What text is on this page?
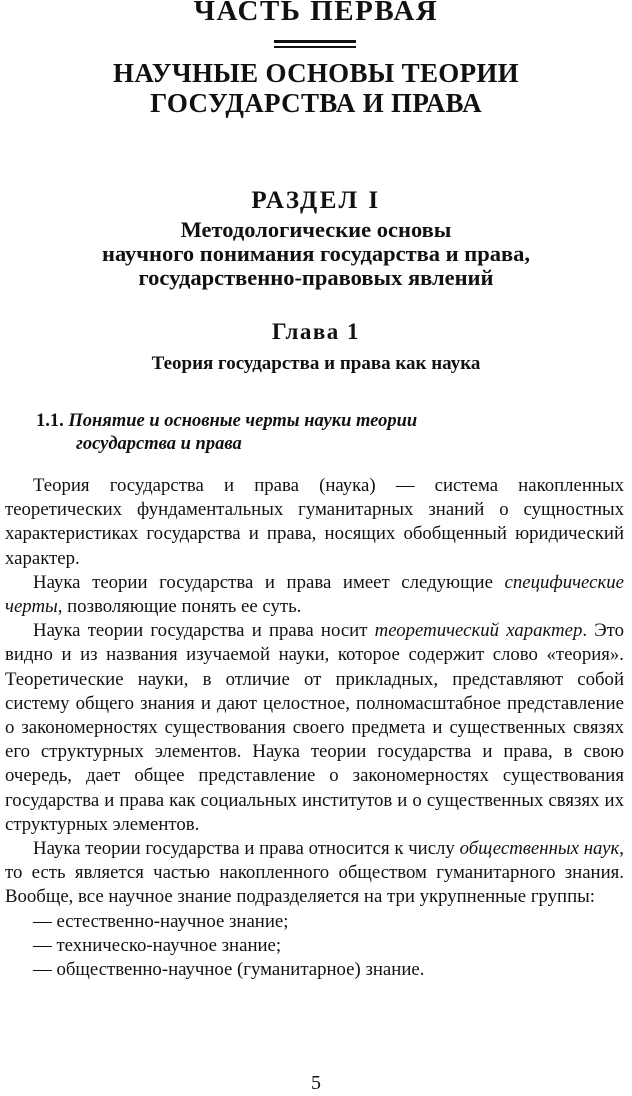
ЧАСТЬ ПЕРВАЯ
НАУЧНЫЕ ОСНОВЫ ТЕОРИИ
ГОСУДАРСТВА И ПРАВА
РАЗДЕЛ I
Методологические основы
научного понимания государства и права,
государственно-правовых явлений
Глава 1
Теория государства и права как наука
1.1. Понятие и основные черты науки теории
государства и права

Теория государства и права (наука) — система накопленных теоретических фундаментальных гуманитарных знаний о сущностных характеристиках государства и права, носящих обобщенный юридический характер.

Наука теории государства и права имеет следующие специфические черты, позволяющие понять ее суть.

Наука теории государства и права носит теоретический характер. Это видно и из названия изучаемой науки, которое содержит слово «теория». Теоретические науки, в отличие от прикладных, представляют собой систему общего знания и дают целостное, полномасштабное представление о закономерностях существования своего предмета и существенных связях его структурных элементов. Наука теории государства и права, в свою очередь, дает общее представление о закономерностях существования государства и права как социальных институтов и о существенных связях их структурных элементов.

Наука теории государства и права относится к числу общественных наук, то есть является частью накопленного обществом гуманитарного знания. Вообще, все научное знание подразделяется на три укрупненные группы:

— естественно-научное знание;

— техническо-научное знание;

— общественно-научное (гуманитарное) знание.

5
